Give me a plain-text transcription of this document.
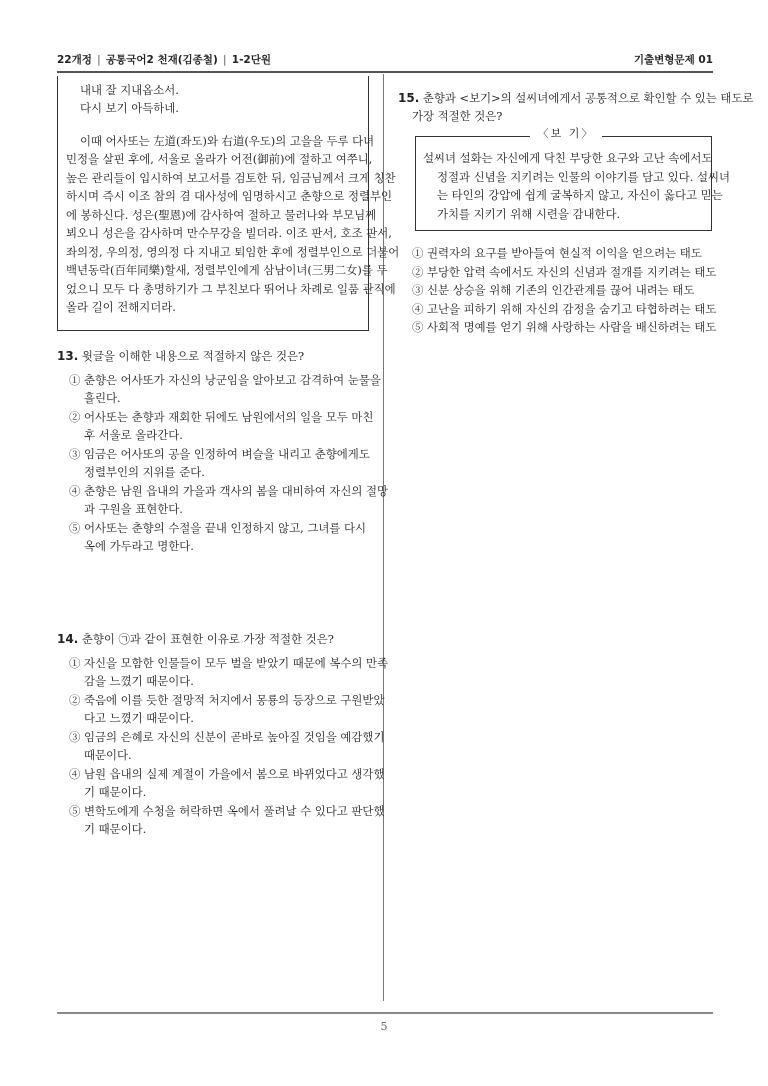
22개정 | 공통국어2 천재(김종철) | 1-2단원	기출변형문제 01
내내 잘 지내옵소서.
다시 보기 아득하네.
이때 어사또는 左道(좌도)와 右道(우도)의 고을을 두루 다녀
민정을 살핀 후에, 서울로 올라가 어전(御前)에 절하고 여쭈니,
높은 관리들이 입시하여 보고서를 검토한 뒤, 임금님께서 크게 칭찬
하시며 즉시 이조 참의 겸 대사성에 임명하시고 춘향으로 정렬부인
에 봉하신다. 성은(聖恩)에 감사하여 절하고 물러나와 부모님께
뵈오니 성은을 감사하며 만수무강을 빌더라. 이조 판서, 호조 판서,
좌의정, 우의정, 영의정 다 지내고 퇴임한 후에 정렬부인으로 더불어
백년동락(百年同樂)할새, 정렬부인에게 삼남이녀(三男二女)를 두
었으니 모두 다 총명하기가 그 부친보다 뛰어나 차례로 일품 관직에
올라 길이 전해지더라.
13. 윗글을 이해한 내용으로 적절하지 않은 것은?
① 춘향은 어사또가 자신의 낭군임을 알아보고 감격하여 눈물을
흘린다.
② 어사또는 춘향과 재회한 뒤에도 남원에서의 일을 모두 마친
후 서울로 올라간다.
③ 임금은 어사또의 공을 인정하여 벼슬을 내리고 춘향에게도
정렬부인의 지위를 준다.
④ 춘향은 남원 읍내의 가을과 객사의 봄을 대비하여 자신의 절망
과 구원을 표현한다.
⑤ 어사또는 춘향의 수절을 끝내 인정하지 않고, 그녀를 다시
옥에 가두라고 명한다.
14. 춘향이 ㉠과 같이 표현한 이유로 가장 적절한 것은?
① 자신을 모함한 인물들이 모두 벌을 받았기 때문에 복수의 만족
감을 느꼈기 때문이다.
② 죽음에 이를 듯한 절망적 처지에서 몽룡의 등장으로 구원받았
다고 느꼈기 때문이다.
③ 임금의 은혜로 자신의 신분이 곧바로 높아질 것임을 예감했기
때문이다.
④ 남원 읍내의 실제 계절이 가을에서 봄으로 바뀌었다고 생각했
기 때문이다.
⑤ 변학도에게 수청을 허락하면 옥에서 풀려날 수 있다고 판단했
기 때문이다.
15. 춘향과 <보기>의 설씨녀에게서 공통적으로 확인할 수 있는 태도로
가장 적절한 것은?
〈보 기〉
설씨녀 설화는 자신에게 닥친 부당한 요구와 고난 속에서도
정절과 신념을 지키려는 인물의 이야기를 담고 있다. 설씨녀
는 타인의 강압에 쉽게 굴복하지 않고, 자신이 옳다고 믿는
가치를 지키기 위해 시련을 감내한다.
① 권력자의 요구를 받아들여 현실적 이익을 얻으려는 태도
② 부당한 압력 속에서도 자신의 신념과 절개를 지키려는 태도
③ 신분 상승을 위해 기존의 인간관계를 끊어 내려는 태도
④ 고난을 피하기 위해 자신의 감정을 숨기고 타협하려는 태도
⑤ 사회적 명예를 얻기 위해 사랑하는 사람을 배신하려는 태도
5
